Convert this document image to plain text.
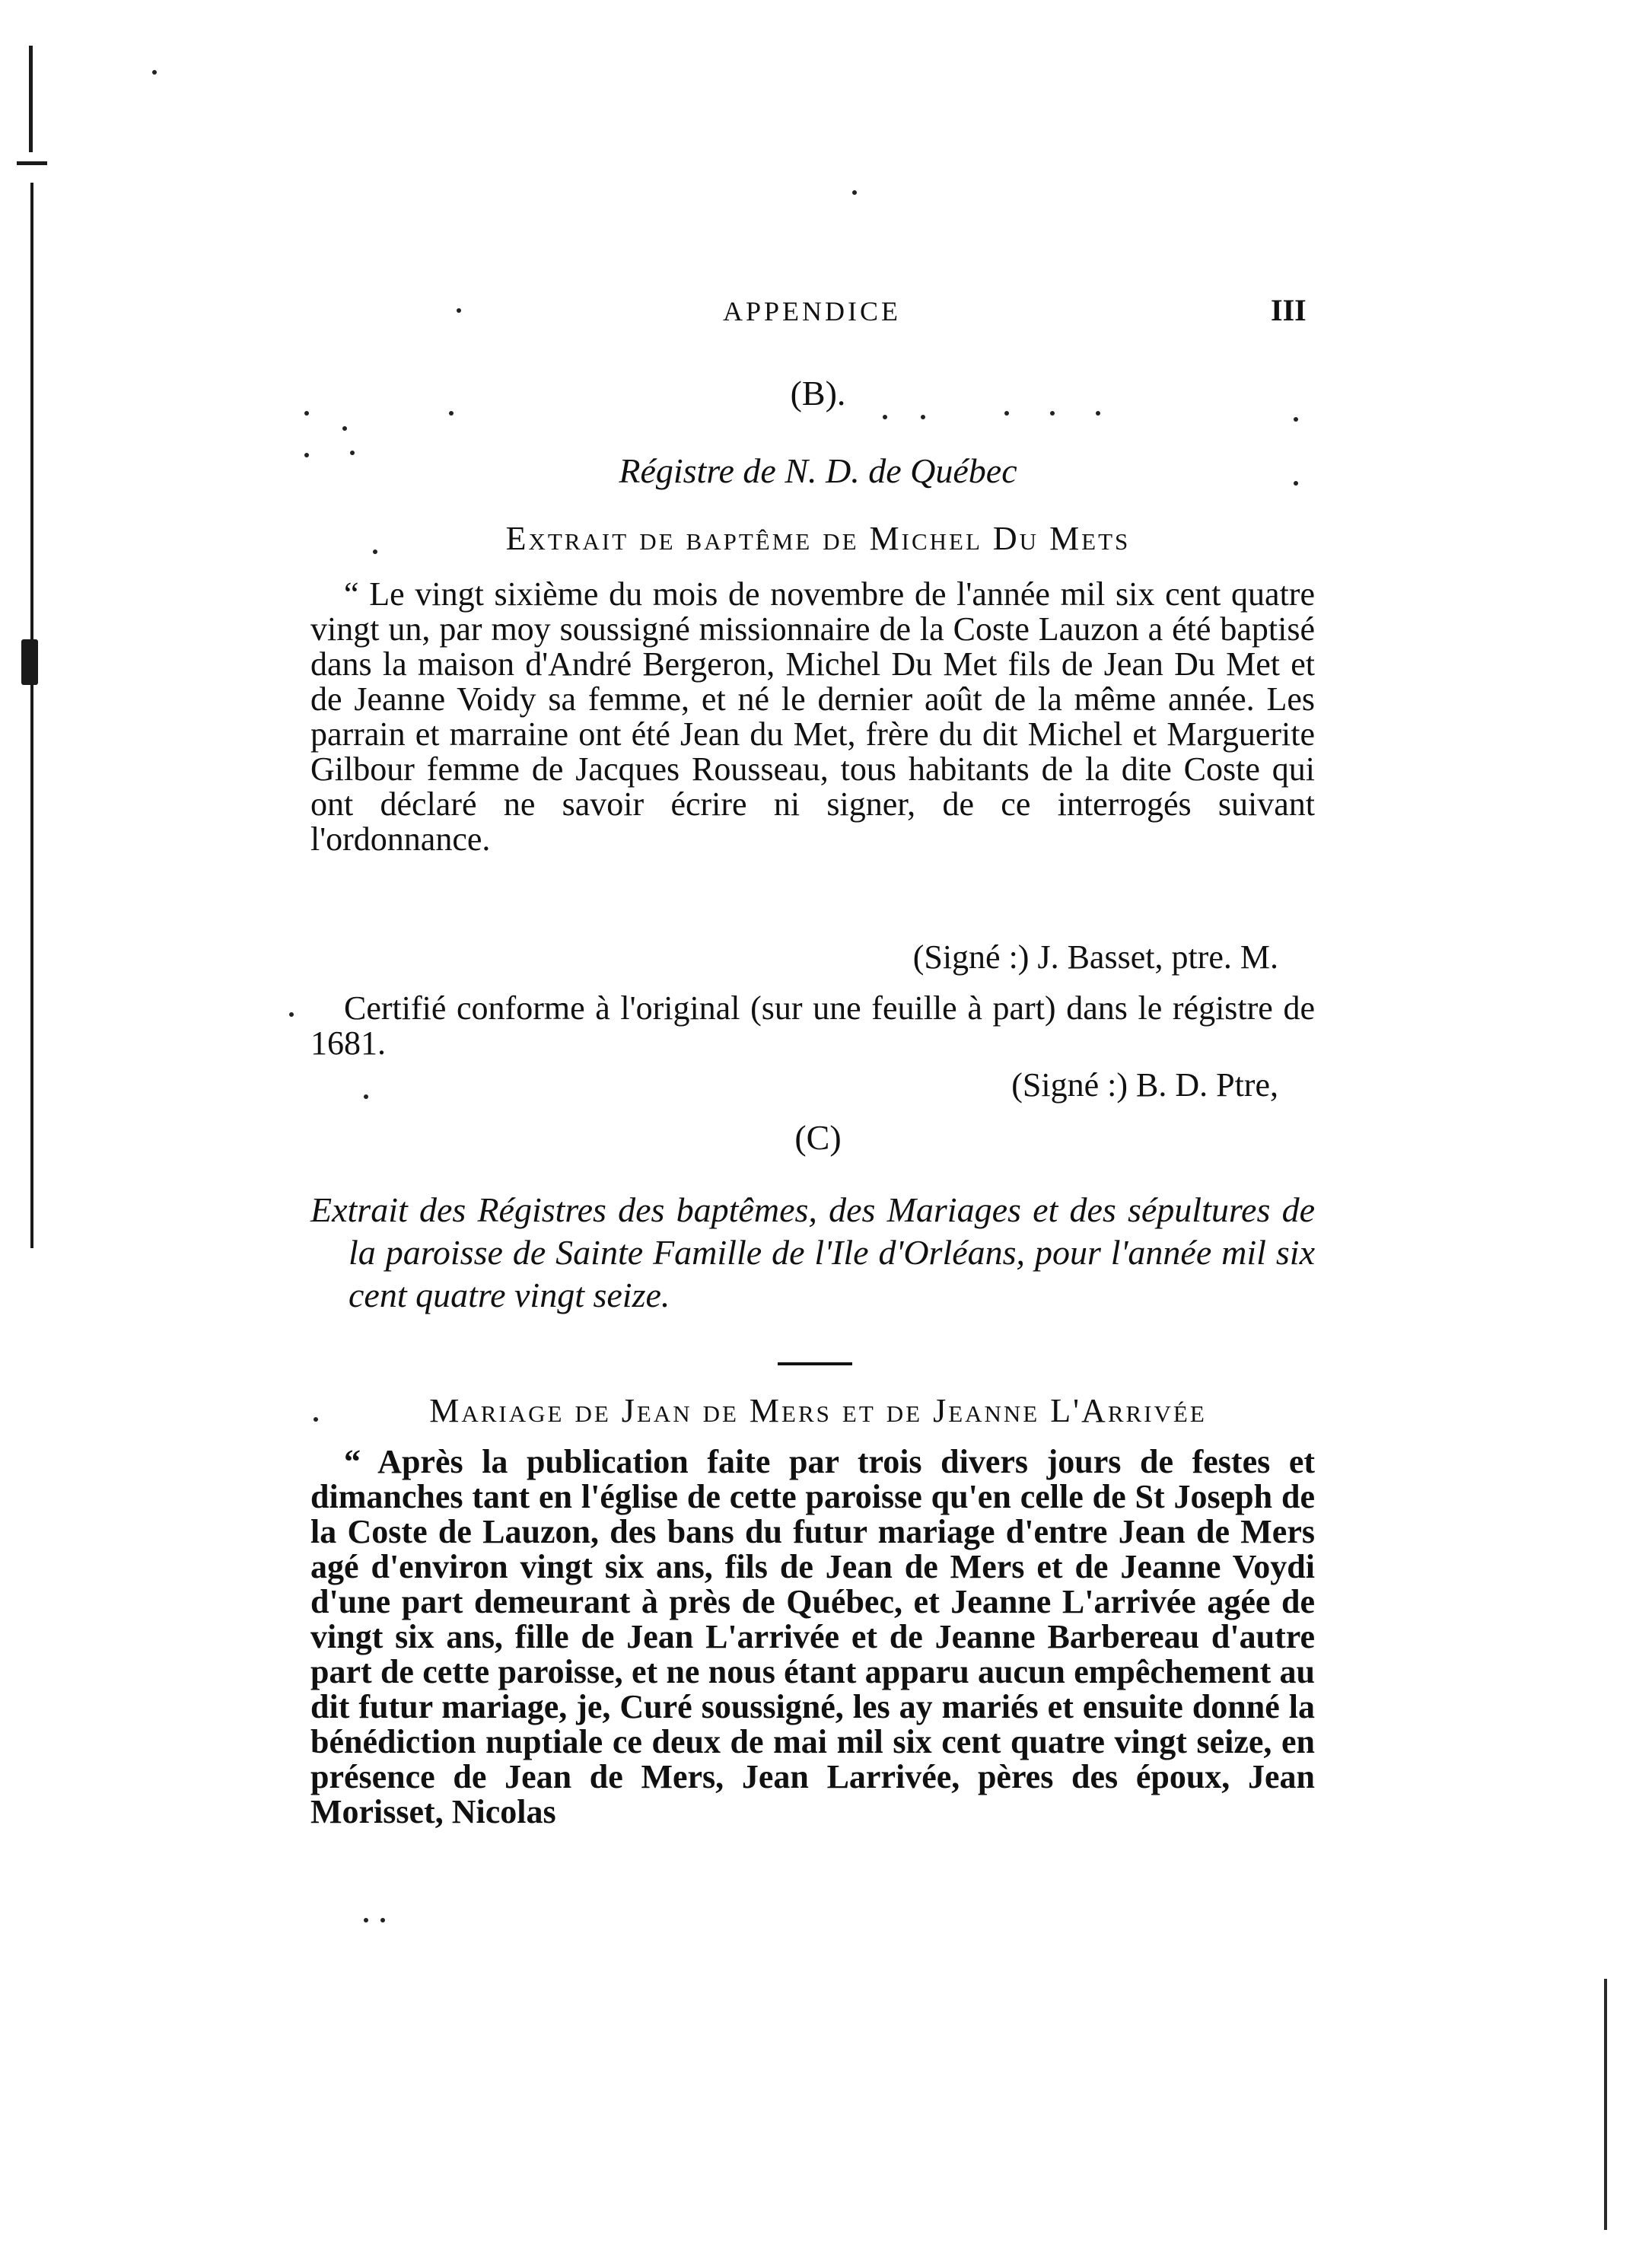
APPENDICE	III
(B).
Régistre de N. D. de Québec
Extrait de baptême de Michel Du Mets

“ Le vingt sixième du mois de novembre de l'année mil six cent quatre vingt un, par moy soussigné missionnaire de la Coste Lauzon a été baptisé dans la maison d'André Bergeron, Michel Du Met fils de Jean Du Met et de Jeanne Voidy sa femme, et né le dernier août de la même année. Les parrain et marraine ont été Jean du Met, frère du dit Michel et Marguerite Gilbour femme de Jacques Rousseau, tous habitants de la dite Coste qui ont déclaré ne savoir écrire ni signer, de ce interrogés suivant l'ordonnance.

(Signé :) J. Basset, ptre. M.

Certifié conforme à l'original (sur une feuille à part) dans le régistre de 1681.

(Signé :) B. D. Ptre,
(C)

Extrait des Régistres des baptêmes, des Mariages et des sépultures de la paroisse de Sainte Famille de l'Ile d'Orléans, pour l'année mil six cent quatre vingt seize.

Mariage de Jean de Mers et de Jeanne L'Arrivée

“ Après la publication faite par trois divers jours de festes et dimanches tant en l'église de cette paroisse qu'en celle de St Joseph de la Coste de Lauzon, des bans du futur mariage d'entre Jean de Mers agé d'environ vingt six ans, fils de Jean de Mers et de Jeanne Voydi d'une part demeurant à près de Québec, et Jeanne L'arrivée agée de vingt six ans, fille de Jean L'arrivée et de Jeanne Barbereau d'autre part de cette paroisse, et ne nous étant apparu aucun empêchement au dit futur mariage, je, Curé soussigné, les ay mariés et ensuite donné la bénédiction nuptiale ce deux de mai mil six cent quatre vingt seize, en présence de Jean de Mers, Jean Larrivée, pères des époux, Jean Morisset, Nicolas
